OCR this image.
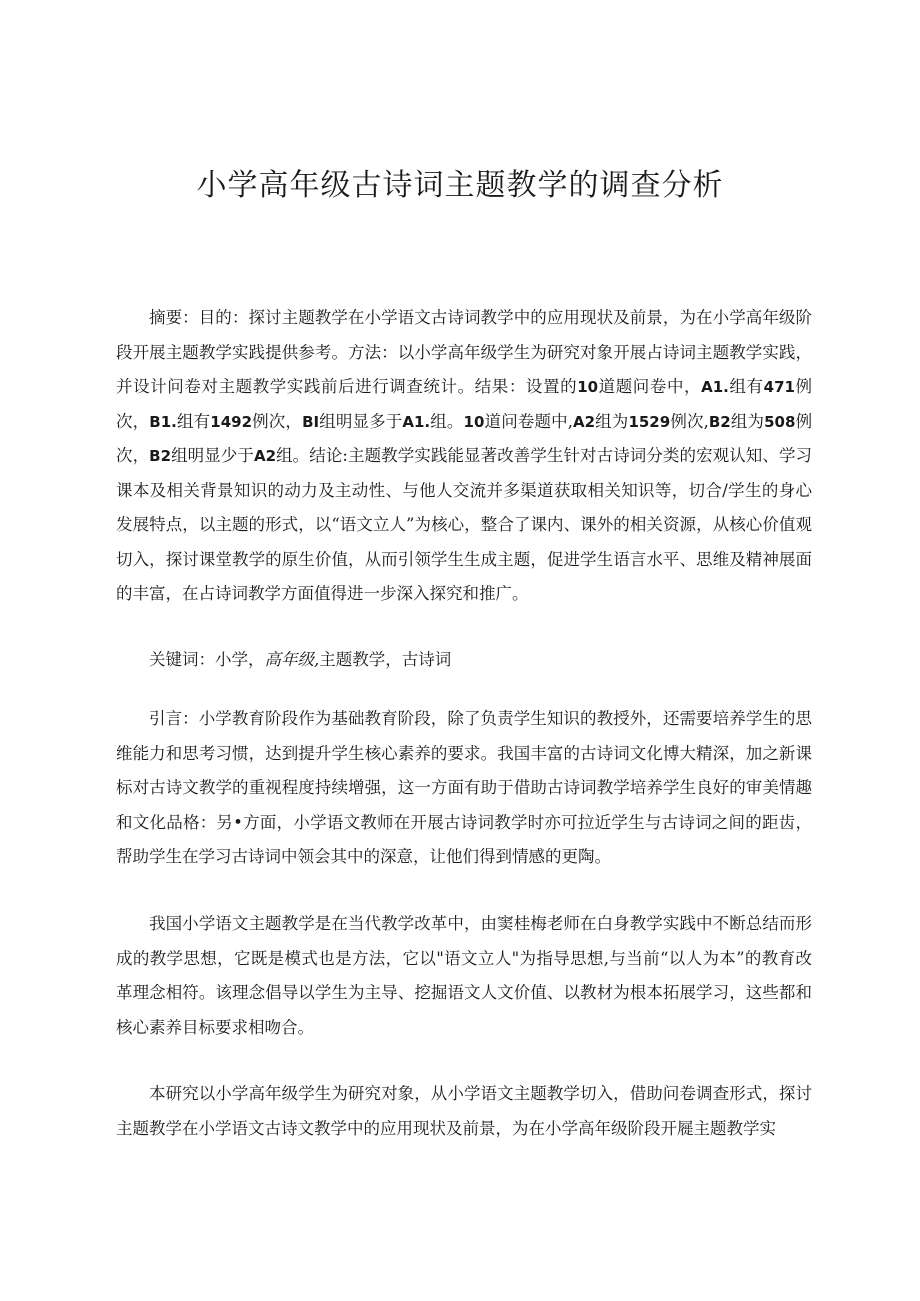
小学高年级古诗词主题教学的调查分析

摘要：目的：探讨主题教学在小学语文古诗词教学中的应用现状及前景，为在小学高年级阶段开展主题教学实践提供参考。方法：以小学高年级学生为研究对象开展占诗词主题教学实践，并设计问卷对主题教学实践前后进行调查统计。结果：设置的10道题问卷中，A1.组有471例次，B1.组有1492例次，BI组明显多于A1.组。10道问卷题中,A2组为1529例次,B2组为508例次，B2组明显少于A2组。结论:主题教学实践能显著改善学生针对古诗词分类的宏观认知、学习课本及相关背景知识的动力及主动性、与他人交流并多渠道获取相关知识等，切合/学生的身心发展特点，以主题的形式，以“语文立人”为核心，整合了课内、课外的相关资源，从核心价值观切入，探讨课堂教学的原生价值，从而引领学生生成主题，促进学生语言水平、思维及精神展面的丰富，在占诗词教学方面值得进一步深入探究和推广。

关键词：小学，高年级,主题教学，古诗词

引言：小学教育阶段作为基础教育阶段，除了负责学生知识的教授外，还需要培养学生的思维能力和思考习惯，达到提升学生核心素养的要求。我国丰富的古诗词文化博大精深，加之新课标对古诗文教学的重视程度持续增强，这一方面有助于借助古诗词教学培养学生良好的审美情趣和文化品格：另•方面，小学语文教师在开展古诗词教学时亦可拉近学生与古诗词之间的距齿，帮助学生在学习古诗词中领会其中的深意，让他们得到情感的更陶。

我国小学语文主题教学是在当代教学改革中，由窦桂梅老师在白身教学实践中不断总结而形成的教学思想，它既是模式也是方法，它以"语文立人"为指导思想,与当前“以人为本”的教育改革理念相符。该理念倡导以学生为主导、挖掘语文人文价值、以教材为根本拓展学习，这些都和核心素养目标要求相吻合。

本研究以小学高年级学生为研究对象，从小学语文主题教学切入，借助问卷调查形式，探讨主题教学在小学语文古诗文教学中的应用现状及前景，为在小学高年级阶段开屣主题教学实
